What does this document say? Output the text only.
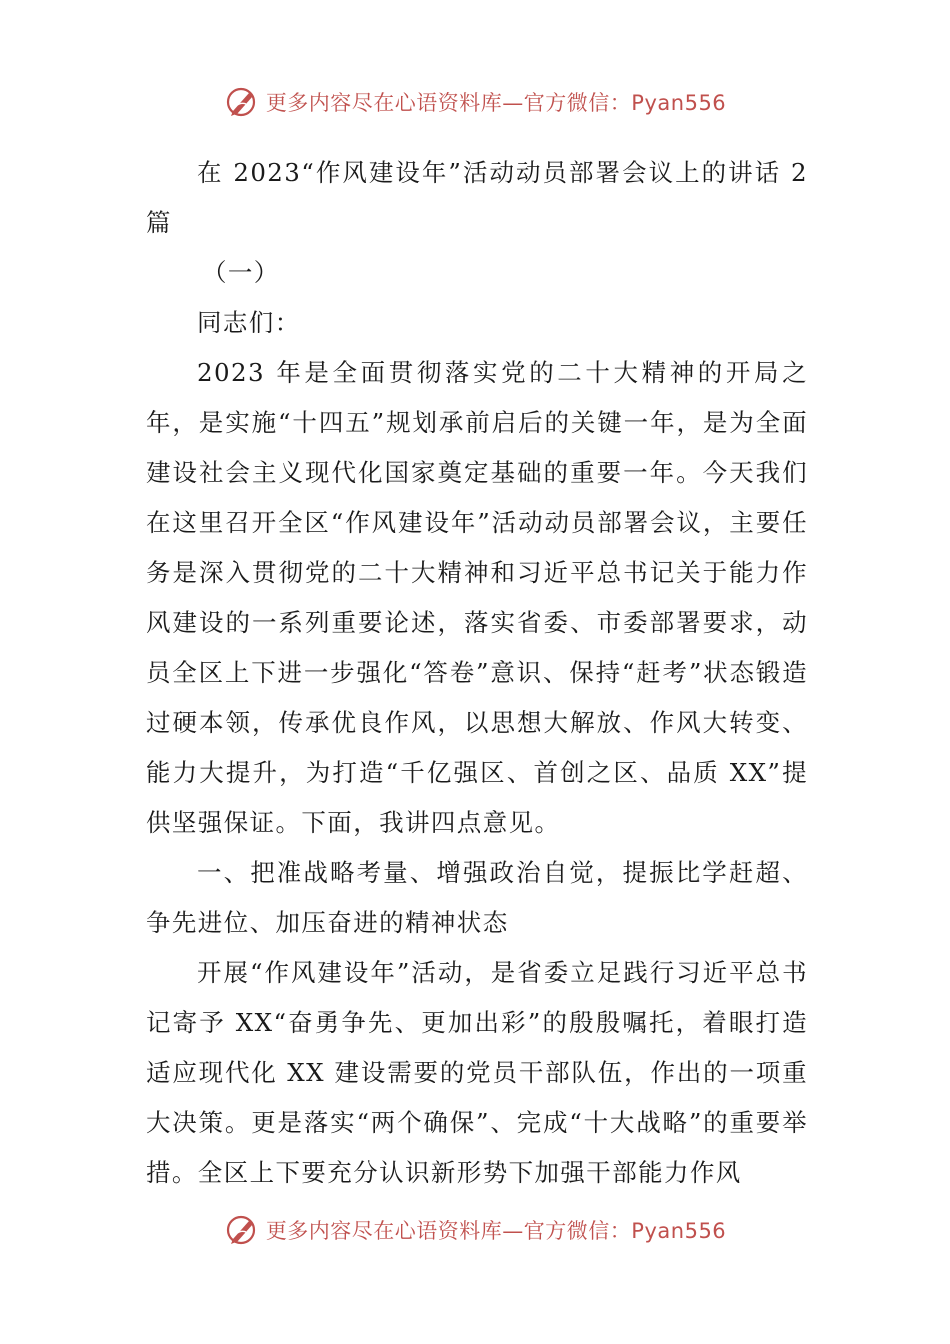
更多内容尽在心语资料库—官方微信：Pyan556

在 2023“作风建设年”活动动员部署会议上的讲话 2 篇

（一）

同志们：

2023 年是全面贯彻落实党的二十大精神的开局之年，是实施“十四五”规划承前启后的关键一年，是为全面建设社会主义现代化国家奠定基础的重要一年。今天我们在这里召开全区“作风建设年”活动动员部署会议，主要任务是深入贯彻党的二十大精神和习近平总书记关于能力作风建设的一系列重要论述，落实省委、市委部署要求，动员全区上下进一步强化“答卷”意识、保持“赶考”状态锻造过硬本领，传承优良作风，以思想大解放、作风大转变、能力大提升，为打造“千亿强区、首创之区、品质 XX”提供坚强保证。下面，我讲四点意见。

一、把准战略考量、增强政治自觉，提振比学赶超、争先进位、加压奋进的精神状态

开展“作风建设年”活动，是省委立足践行习近平总书记寄予 XX“奋勇争先、更加出彩”的殷殷嘱托，着眼打造适应现代化 XX 建设需要的党员干部队伍，作出的一项重大决策。更是落实“两个确保”、完成“十大战略”的重要举措。全区上下要充分认识新形势下加强干部能力作风

更多内容尽在心语资料库—官方微信：Pyan556
